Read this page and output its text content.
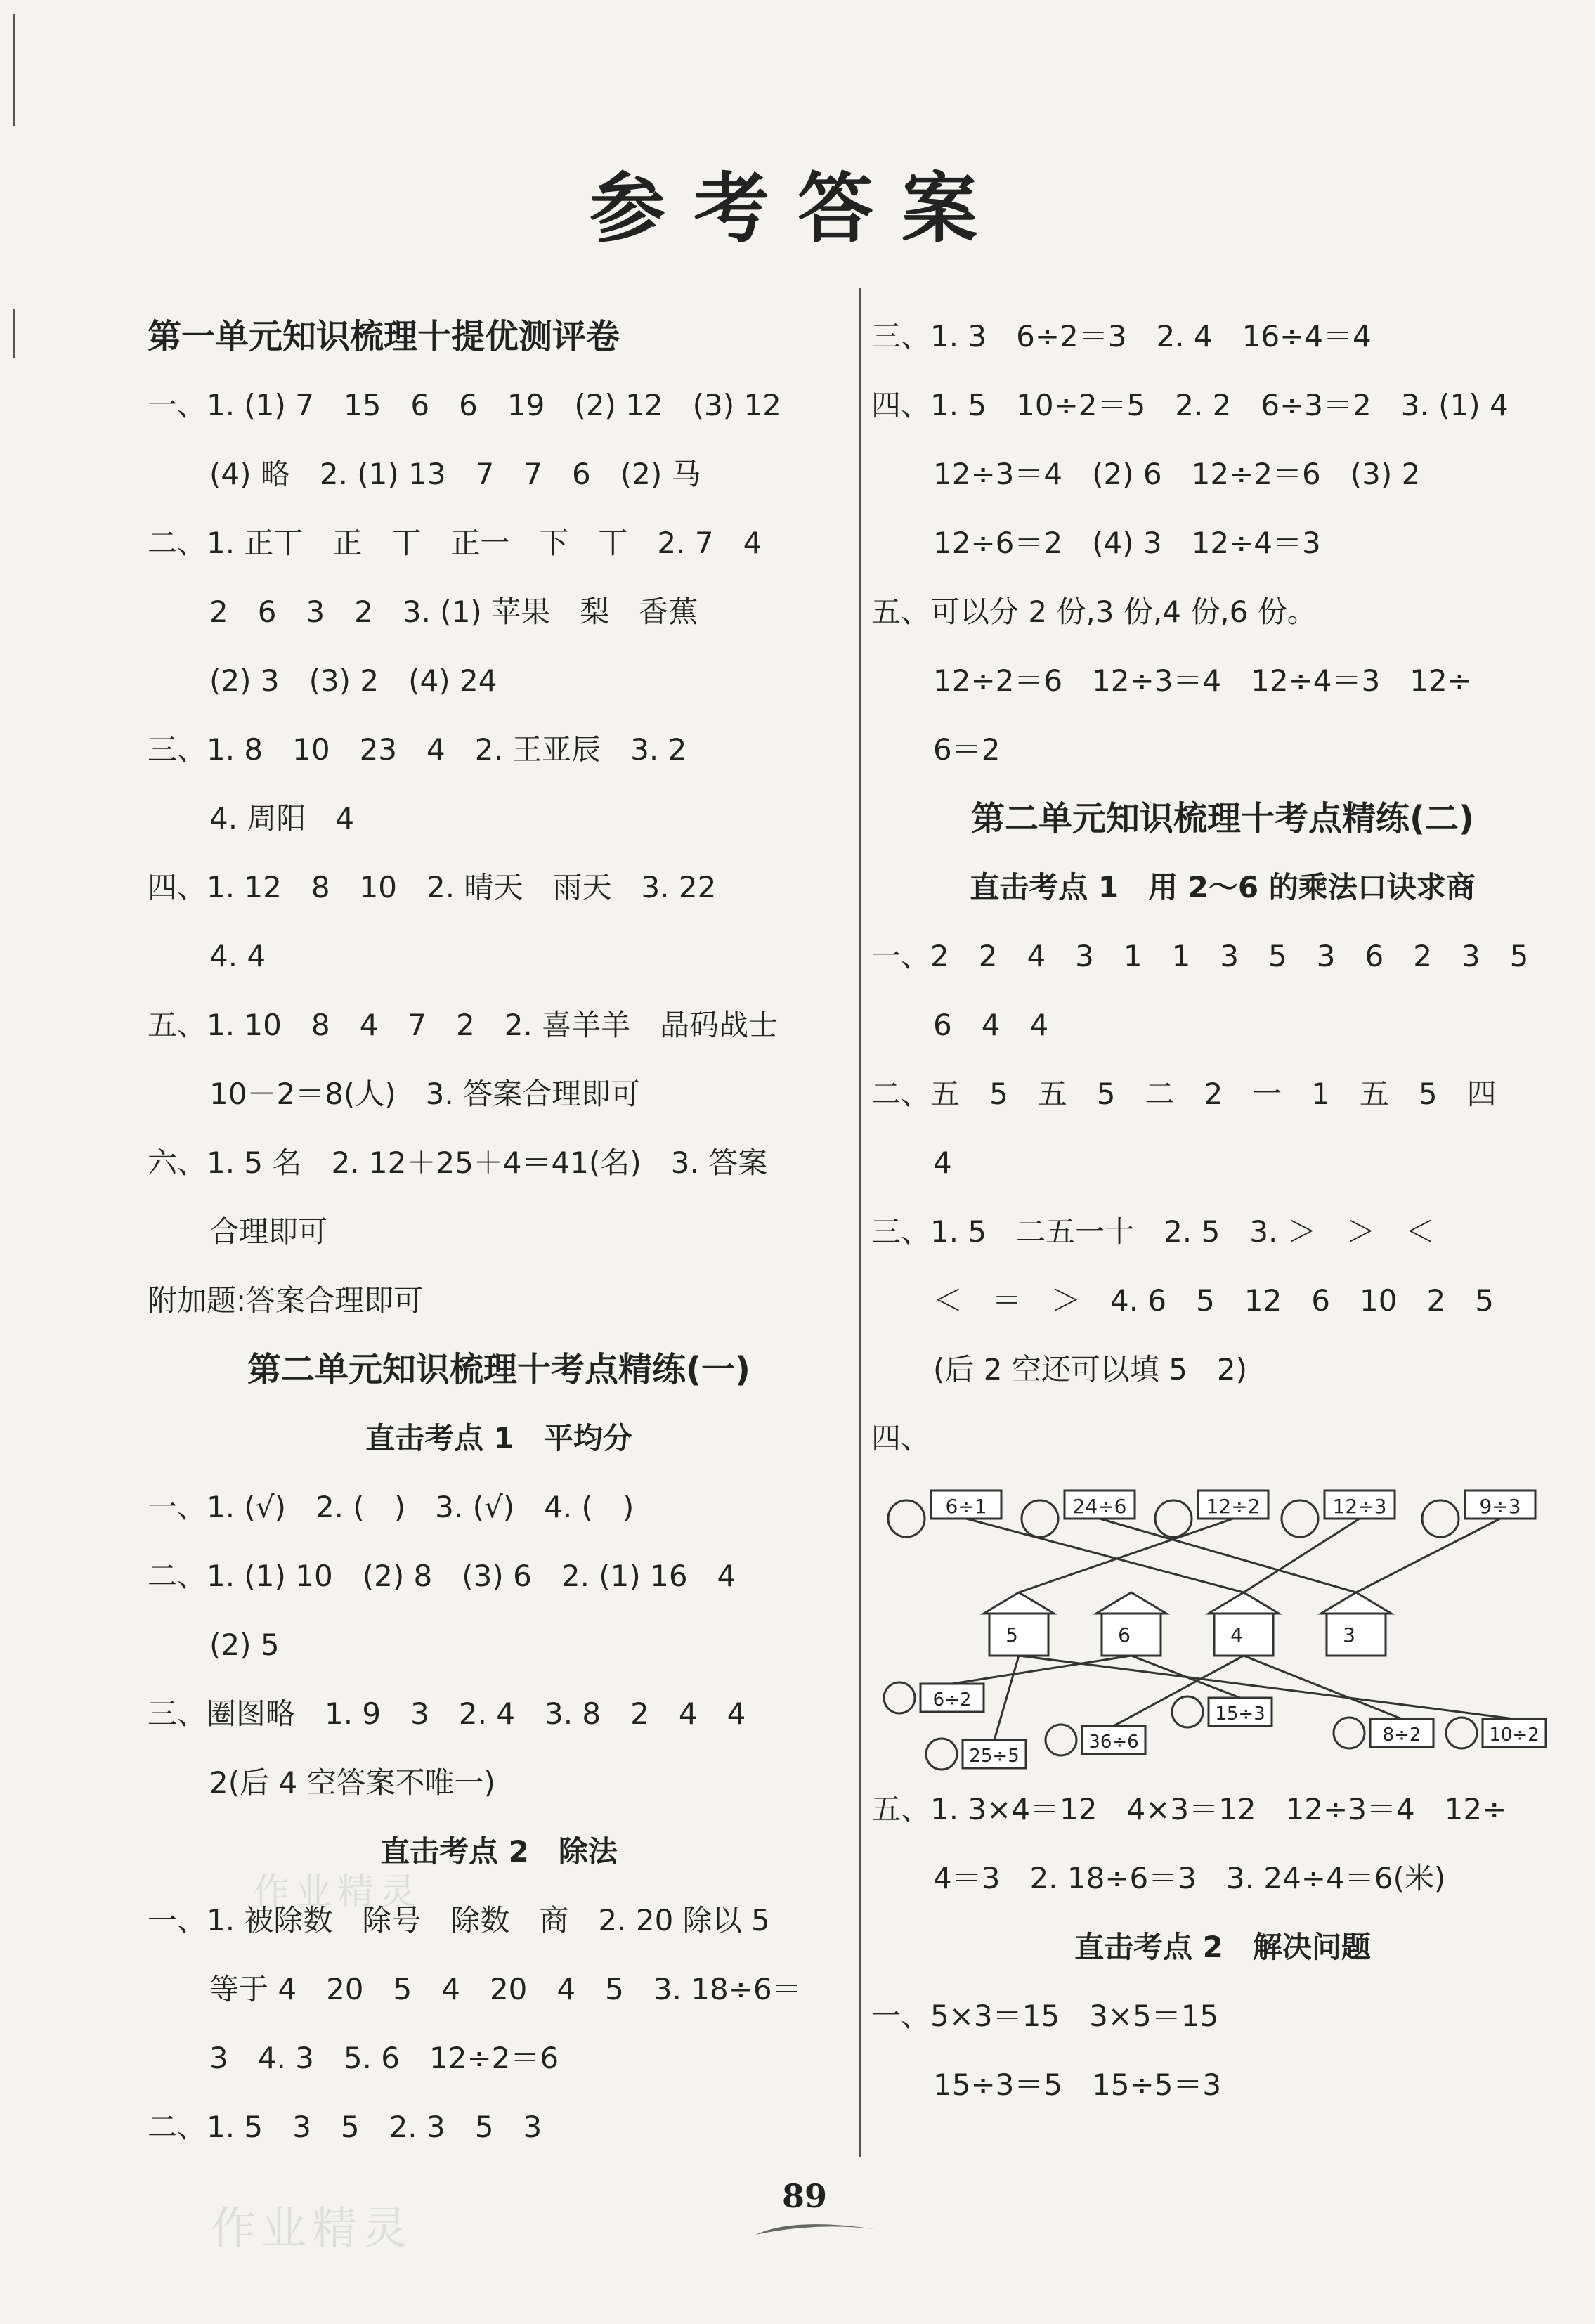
参考答案
第一单元知识梳理十提优测评卷
一、1. (1) 7　15　6　6　19　(2) 12　(3) 12
(4) 略　2. (1) 13　7　7　6　(2) 马
二、1. 正丅　正　丅　正一　下　丅　2. 7　4
2　6　3　2　3. (1) 苹果　梨　香蕉
(2) 3　(3) 2　(4) 24
三、1. 8　10　23　4　2. 王亚辰　3. 2
4. 周阳　4
四、1. 12　8　10　2. 晴天　雨天　3. 22
4. 4
五、1. 10　8　4　7　2　2. 喜羊羊　晶码战士
10－2＝8(人)　3. 答案合理即可
六、1. 5 名　2. 12＋25＋4＝41(名)　3. 答案
合理即可
附加题:答案合理即可
第二单元知识梳理十考点精练(一)
直击考点 1　平均分
一、1. (√)　2. (　)　3. (√)　4. (　)
二、1. (1) 10　(2) 8　(3) 6　2. (1) 16　4
(2) 5
三、圈图略　1. 9　3　2. 4　3. 8　2　4　4
2(后 4 空答案不唯一)
直击考点 2　除法
一、1. 被除数　除号　除数　商　2. 20 除以 5
等于 4　20　5　4　20　4　5　3. 18÷6＝
3　4. 3　5. 6　12÷2＝6
二、1. 5　3　5　2. 3　5　3
三、1. 3　6÷2＝3　2. 4　16÷4＝4
四、1. 5　10÷2＝5　2. 2　6÷3＝2　3. (1) 4
12÷3＝4　(2) 6　12÷2＝6　(3) 2
12÷6＝2　(4) 3　12÷4＝3
五、可以分 2 份,3 份,4 份,6 份。
12÷2＝6　12÷3＝4　12÷4＝3　12÷
6＝2
第二单元知识梳理十考点精练(二)
直击考点 1　用 2～6 的乘法口诀求商
一、2　2　4　3　1　1　3　5　3　6　2　3　5
6　4　4
二、五　5　五　5　二　2　一　1　五　5　四
4
三、1. 5　二五一十　2. 5　3. ＞　＞　＜
＜　＝　＞　4. 6　5　12　6　10　2　5
(后 2 空还可以填 5　2)
四、
6÷1	24÷6	12÷2	12÷3	9÷3
5	6	4	3
6÷2
25÷5
36÷6
15÷3
8÷2	10÷2
五、1. 3×4＝12　4×3＝12　12÷3＝4　12÷
4＝3　2. 18÷6＝3　3. 24÷4＝6(米)
直击考点 2　解决问题
一、5×3＝15　3×5＝15
15÷3＝5　15÷5＝3
89
作业精灵
作业精灵
